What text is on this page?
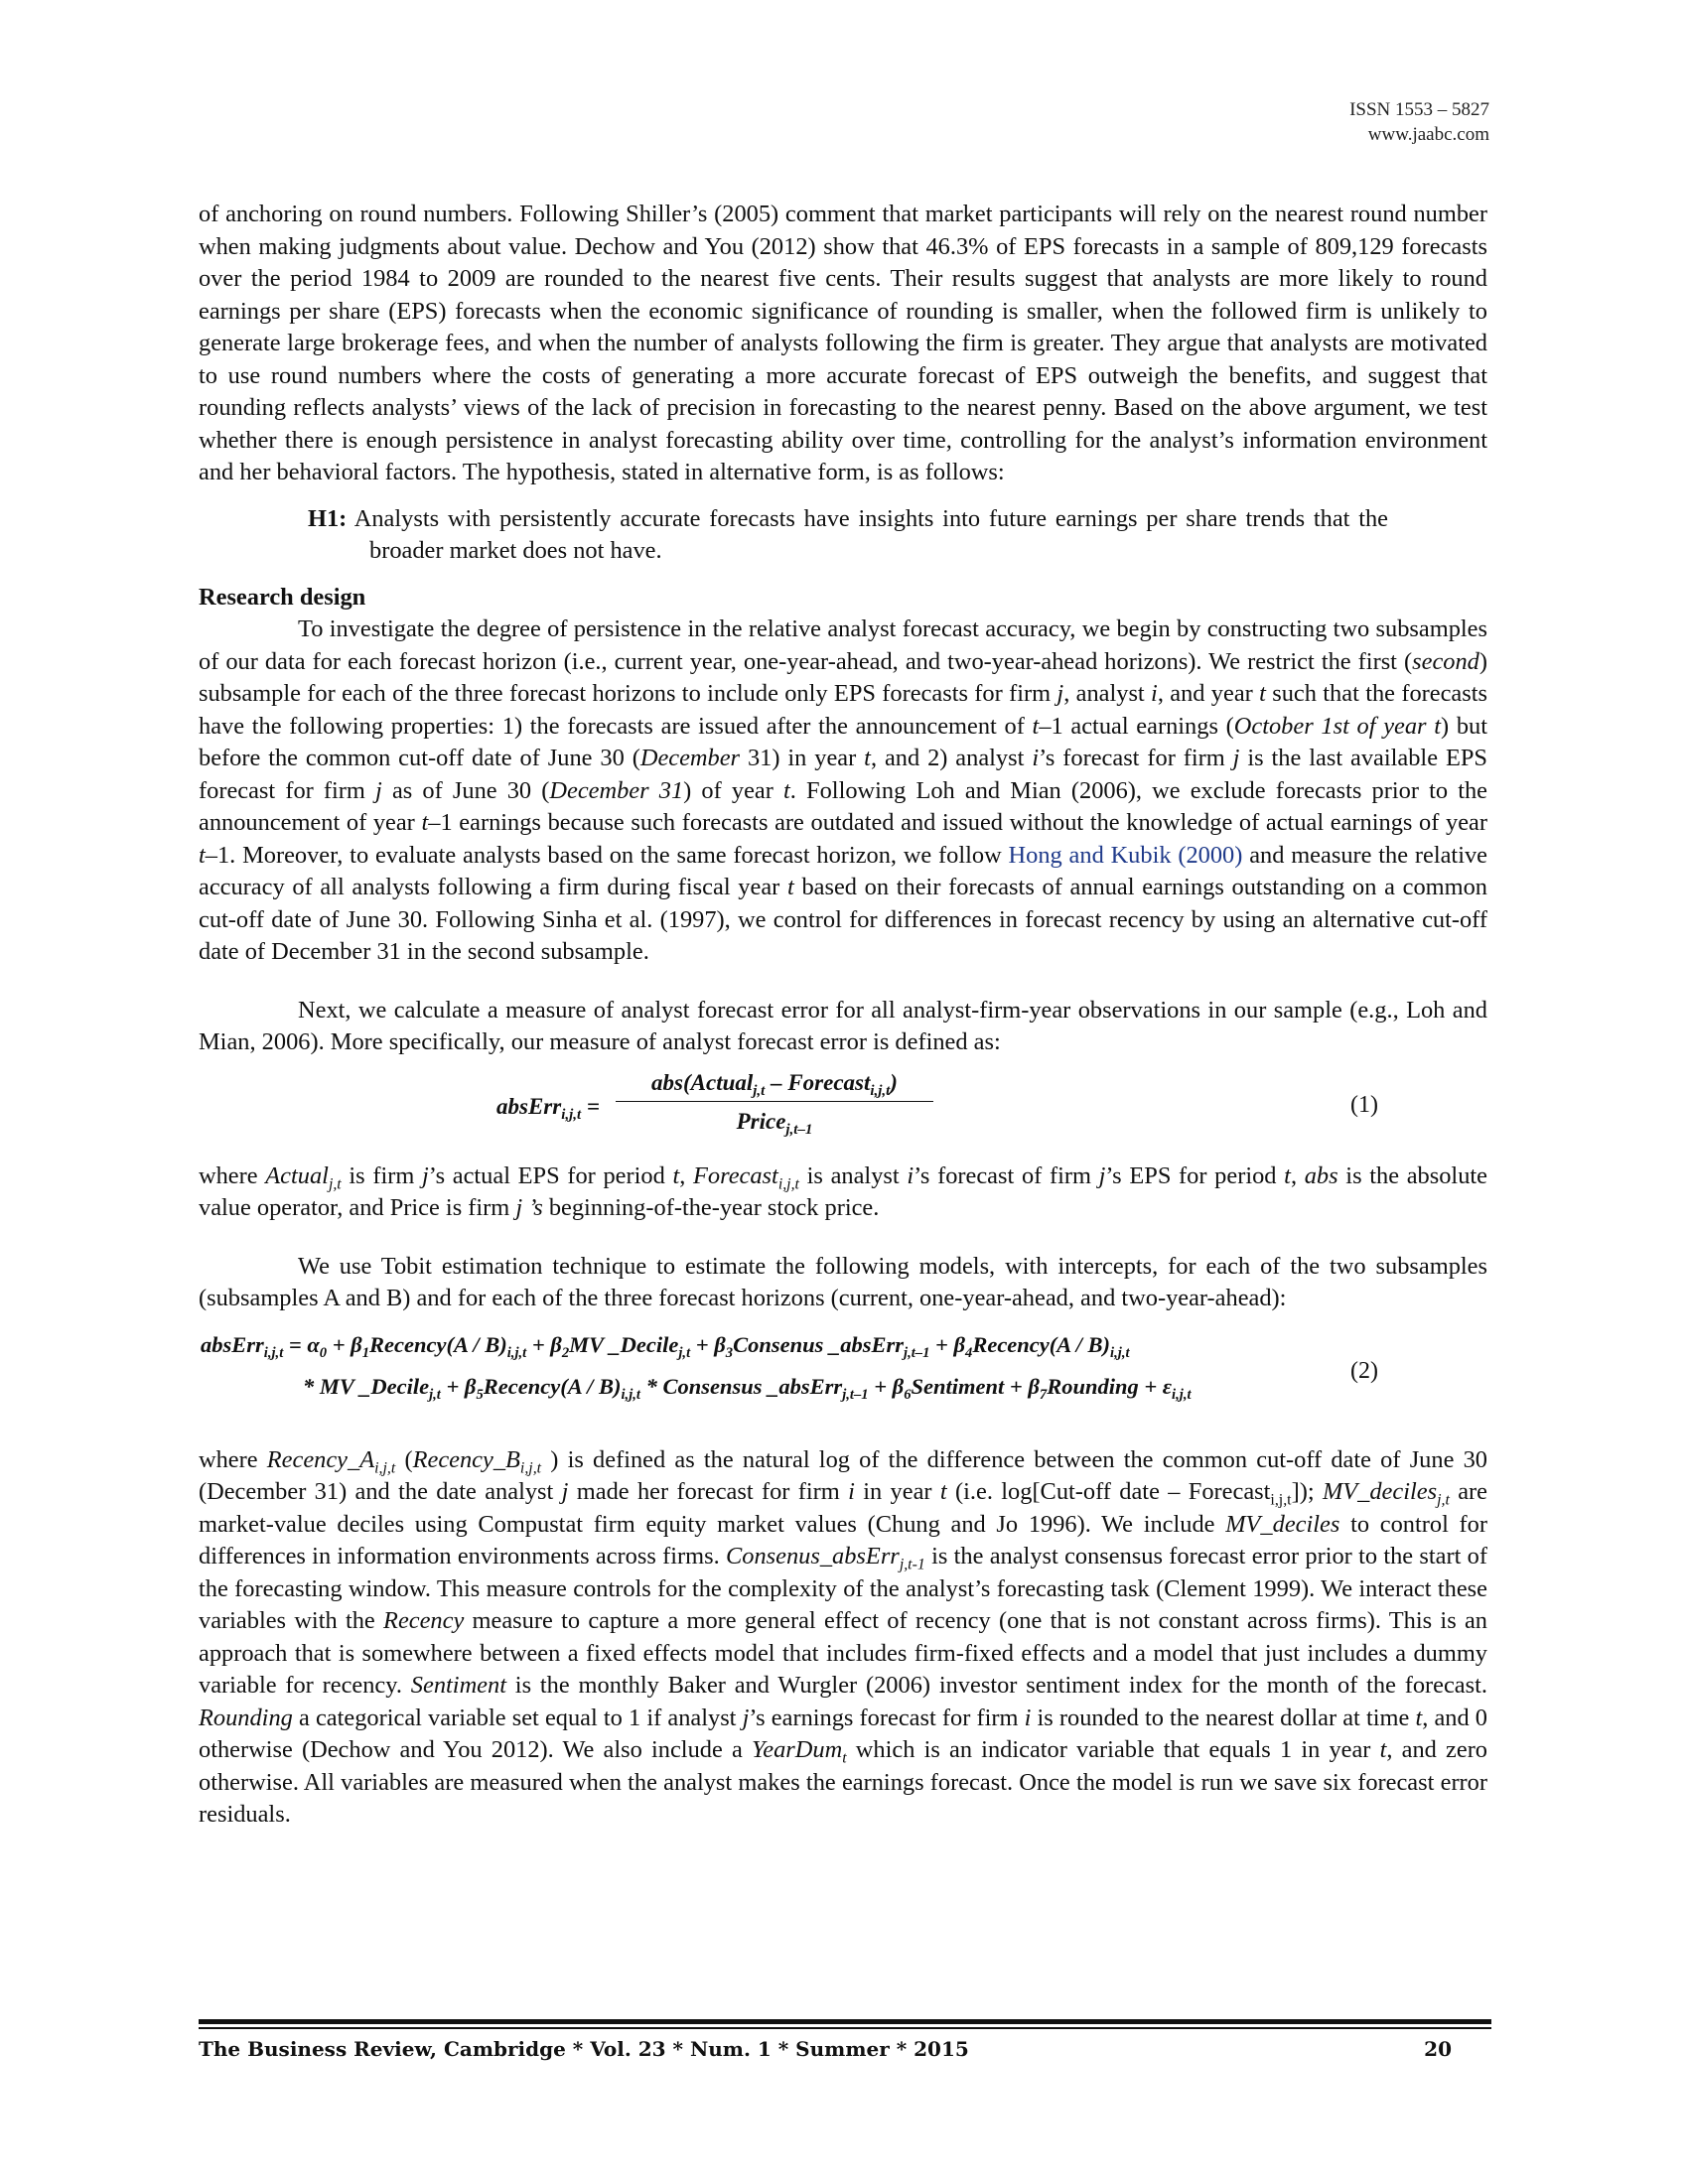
ISSN 1553 – 5827
www.jaabc.com

of anchoring on round numbers. Following Shiller’s (2005) comment that market participants will rely on the nearest round number when making judgments about value. Dechow and You (2012) show that 46.3% of EPS forecasts in a sample of 809,129 forecasts over the period 1984 to 2009 are rounded to the nearest five cents. Their results suggest that analysts are more likely to round earnings per share (EPS) forecasts when the economic significance of rounding is smaller, when the followed firm is unlikely to generate large brokerage fees, and when the number of analysts following the firm is greater. They argue that analysts are motivated to use round numbers where the costs of generating a more accurate forecast of EPS outweigh the benefits, and suggest that rounding reflects analysts’ views of the lack of precision in forecasting to the nearest penny. Based on the above argument, we test whether there is enough persistence in analyst forecasting ability over time, controlling for the analyst’s information environment and her behavioral factors. The hypothesis, stated in alternative form, is as follows:

H1: Analysts with persistently accurate forecasts have insights into future earnings per share trends that the broader market does not have.

Research design

To investigate the degree of persistence in the relative analyst forecast accuracy, we begin by constructing two subsamples of our data for each forecast horizon (i.e., current year, one-year-ahead, and two-year-ahead horizons). We restrict the first (second) subsample for each of the three forecast horizons to include only EPS forecasts for firm j, analyst i, and year t such that the forecasts have the following properties: 1) the forecasts are issued after the announcement of t–1 actual earnings (October 1st of year t) but before the common cut-off date of June 30 (December 31) in year t, and 2) analyst i’s forecast for firm j is the last available EPS forecast for firm j as of June 30 (December 31) of year t. Following Loh and Mian (2006), we exclude forecasts prior to the announcement of year t–1 earnings because such forecasts are outdated and issued without the knowledge of actual earnings of year t–1. Moreover, to evaluate analysts based on the same forecast horizon, we follow Hong and Kubik (2000) and measure the relative accuracy of all analysts following a firm during fiscal year t based on their forecasts of annual earnings outstanding on a common cut-off date of June 30. Following Sinha et al. (1997), we control for differences in forecast recency by using an alternative cut-off date of December 31 in the second subsample.

Next, we calculate a measure of analyst forecast error for all analyst-firm-year observations in our sample (e.g., Loh and Mian, 2006). More specifically, our measure of analyst forecast error is defined as:

absErr$_{i,j,t}$ =
abs(Actual$_{j,t}$ – Forecast$_{i,j,t}$)
Price$_{j,t-1}$
(1)

where Actual$_{j,t}$ is firm j’s actual EPS for period t, Forecast$_{i,j,t}$ is analyst i’s forecast of firm j’s EPS for period t, abs is the absolute value operator, and Price is firm j ’s beginning-of-the-year stock price.

We use Tobit estimation technique to estimate the following models, with intercepts, for each of the two subsamples (subsamples A and B) and for each of the three forecast horizons (current, one-year-ahead, and two-year-ahead):

absErr$_{i,j,t}$ = $\alpha_0$ + $\beta_1Recency(A / B)_{i,j,t} + \beta_2MV$ _Decile$_{j,t}$ + $\beta_3Consenus$ _absErr$_{j,t-1}$ + $\beta_4Recency(A / B)_{i,j,t}$
* MV _Decile$_{j,t}$ + $\beta_5Recency(A / B)_{i,j,t}$ * Consensus _absErr$_{j,t-1}$ + $\beta_6Sentiment$ + $\beta_7Rounding + \varepsilon_{i,j,t}$
(2)

where $Recency\_A_{i,j,t}$ ($Recency\_B_{i,j,t}$ ) is defined as the natural log of the difference between the common cut-off date of June 30 (December 31) and the date analyst j made her forecast for firm i in year t (i.e. log[Cut-off date – Forecast$_{i,j,t}$]); MV_deciles$_{j,t}$ are market-value deciles using Compustat firm equity market values (Chung and Jo 1996). We include MV_deciles to control for differences in information environments across firms. Consenus_absErr$_{j,t-1}$ is the analyst consensus forecast error prior to the start of the forecasting window. This measure controls for the complexity of the analyst’s forecasting task (Clement 1999). We interact these variables with the Recency measure to capture a more general effect of recency (one that is not constant across firms). This is an approach that is somewhere between a fixed effects model that includes firm-fixed effects and a model that just includes a dummy variable for recency. Sentiment is the monthly Baker and Wurgler (2006) investor sentiment index for the month of the forecast. Rounding a categorical variable set equal to 1 if analyst j’s earnings forecast for firm i is rounded to the nearest dollar at time t, and 0 otherwise (Dechow and You 2012). We also include a YearDum$_t$ which is an indicator variable that equals 1 in year t, and zero otherwise. All variables are measured when the analyst makes the earnings forecast. Once the model is run we save six forecast error residuals.

The Business Review, Cambridge * Vol. 23 * Num. 1 * Summer * 2015	20
